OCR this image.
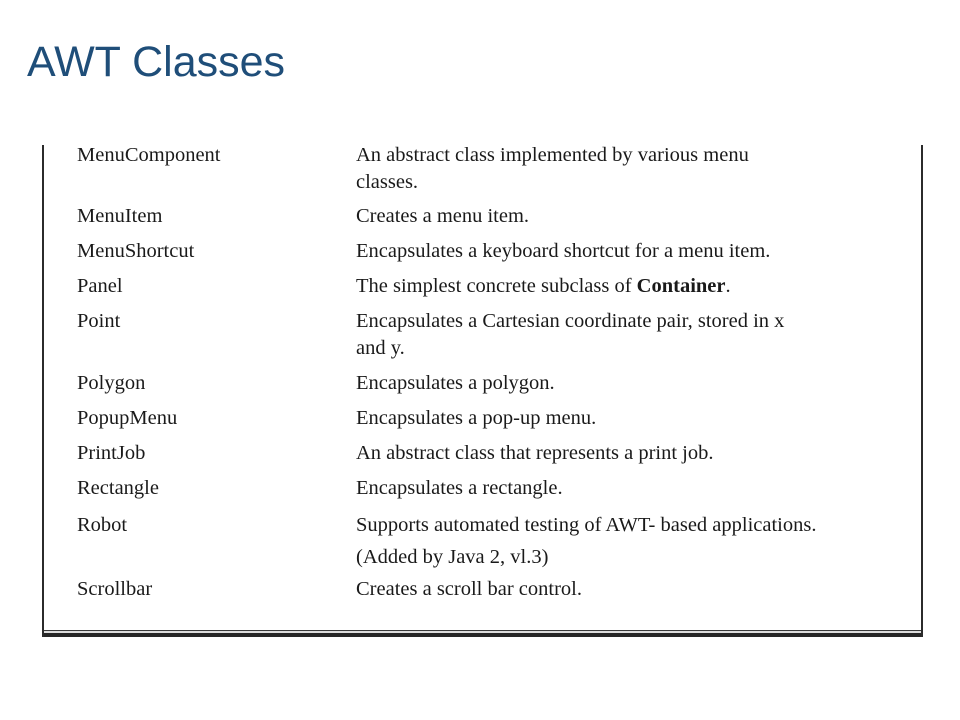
AWT Classes
MenuComponent	An abstract class implemented by various menu
classes.
MenuItem	Creates a menu item.
MenuShortcut	Encapsulates a keyboard shortcut for a menu item.
Panel	The simplest concrete subclass of Container.
Point	Encapsulates a Cartesian coordinate pair, stored in x
and y.
Polygon	Encapsulates a polygon.
PopupMenu	Encapsulates a pop-up menu.
PrintJob	An abstract class that represents a print job.
Rectangle	Encapsulates a rectangle.
Robot	Supports automated testing of AWT- based applications.
(Added by Java 2, vl.3)
Scrollbar	Creates a scroll bar control.
